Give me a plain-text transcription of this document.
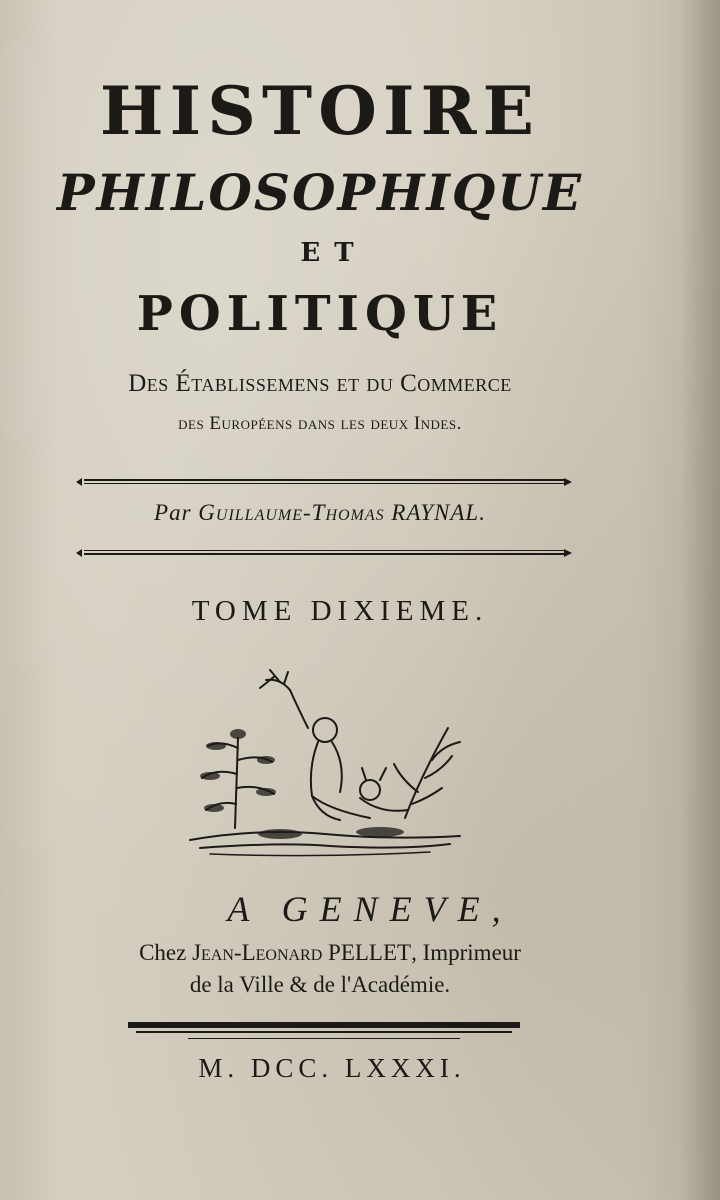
HISTOIRE
PHILOSOPHIQUE
ET
POLITIQUE
Des Établissemens et du Commerce
des Européens dans les deux Indes.
Par Guillaume-Thomas RAYNAL.
TOME DIXIEME.
A GENEVE,
Chez Jean-Leonard PELLET, Imprimeur
de la Ville & de l'Académie.
M. DCC. LXXXI.
